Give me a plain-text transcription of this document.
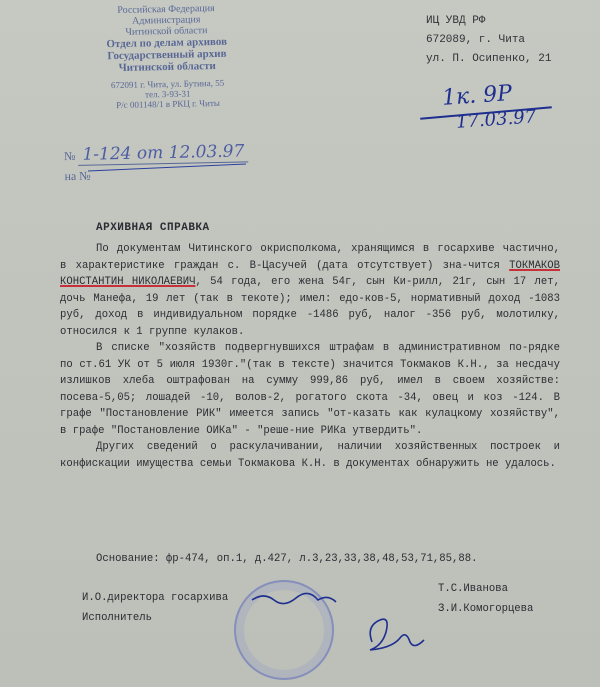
Российская Федерация
Администрация
Читинской области
Отдел по делам архивов
Государственный архив
Читинской области
672091 г. Чита, ул. Бутина, 55
тел. 3-93-31
Р/с 001148/1 в РКЦ г. Читы
№ 1-124 от 12.03.97
на №
ИЦ УВД РФ
672089, г. Чита
ул. П. Осипенко, 21
1к. 9Р
17.03.97
АРХИВНАЯ СПРАВКА

По документам Читинского окрисполкома, хранящимся в госархиве частично, в характеристике граждан с. В-Цасучей (дата отсутствует) зна-чится ТОКМАКОВ КОНСТАНТИН НИКОЛАЕВИЧ, 54 года, его жена 54г, сын Ки-рилл, 21г, сын 17 лет, дочь Манефа, 19 лет (так в текоте); имел: едо-ков-5, нормативный доход -1083 руб, доход в индивидуальном порядке -1486 руб, налог -356 руб, молотилку, относился к 1 группе кулаков.

В списке "хозяйств подвергнувшихся штрафам в административном по-рядке по ст.61 УК от 5 июля 1930г."(так в тексте) значится Токмаков К.Н., за несдачу излишков хлеба оштрафован на сумму 999,86 руб, имел в своем хозяйстве: посева-5,05; лошадей -10, волов-2, рогатого скота -34, овец и коз -124. В графе "Постановление РИК" имеется запись "от-казать как кулацкому хозяйству", в графе "Постановление ОИКа" - "реше-ние РИКа утвердить".

Других сведений о раскулачивании, наличии хозяйственных построек и конфискации имущества семьи Токмакова К.Н. в документах обнаружить не удалось.

Основание: фр-474, оп.1, д.427, л.3,23,33,38,48,53,71,85,88.
И.О.директора госархива
Исполнитель
Т.С.Иванова
З.И.Комогорцева
